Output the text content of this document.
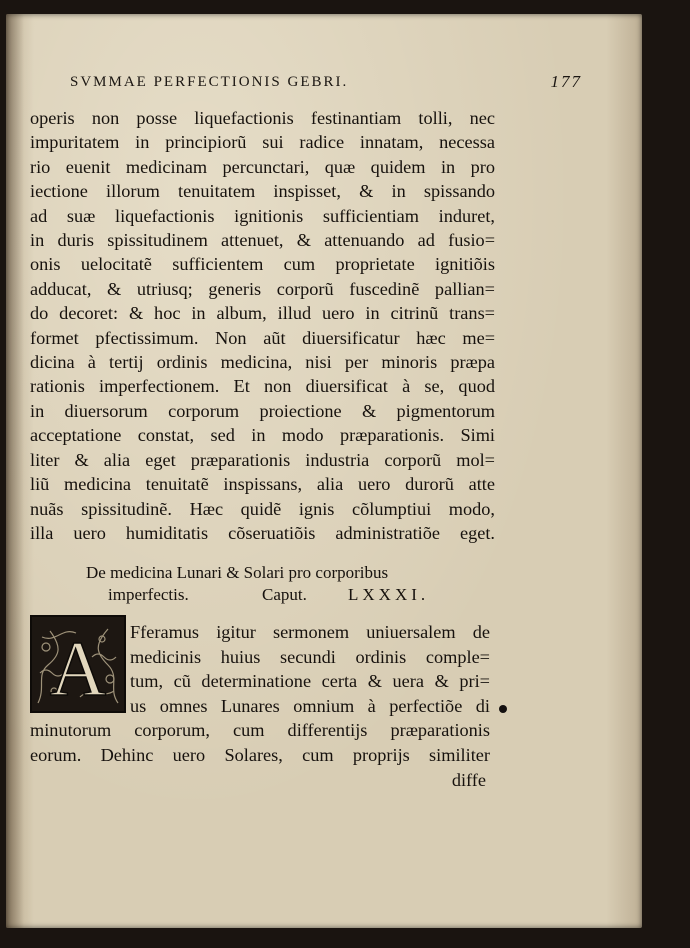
SVMMAE PERFECTIONIS GEBRI.	177
operis non posse liquefactionis festinantiam tolli, nec
impuritatem in principiorũ sui radice innatam, necessa
rio euenit medicinam percunctari, quæ quidem in pro
iectione illorum tenuitatem inspisset, & in spissando
ad suæ liquefactionis ignitionis sufficientiam induret,
in duris spissitudinem attenuet, & attenuando ad fusio=
onis uelocitatẽ sufficientem cum proprietate ignitiõis
adducat, & utriusq; generis corporũ fuscedinẽ pallian=
do decoret: & hoc in album, illud uero in citrinũ trans=
formet pfectissimum. Non aũt diuersificatur hæc me=
dicina à tertij ordinis medicina, nisi per minoris præpa
rationis imperfectionem. Et non diuersificat à se, quod
in diuersorum corporum proiectione & pigmentorum
acceptatione constat, sed in modo præparationis. Simi
liter & alia eget præparationis industria corporũ mol=
liũ medicina tenuitatẽ inspissans, alia uero durorũ atte
nuãs spissitudinẽ. Hæc quidẽ ignis cõlumptiui modo,
illa uero humiditatis cõseruatiõis administratiõe eget.
De medicina Lunari & Solari pro corporibus
imperfectis.	Caput. LXXXI.
A Fferamus igitur sermonem uniuersalem de
medicinis huius secundi ordinis comple=
tum, cũ determinatione certa & uera & pri=
us omnes Lunares omnium à perfectiõe di
minutorum corporum, cum differentijs præparationis
eorum. Dehinc uero Solares, cum proprijs similiter
diffe
